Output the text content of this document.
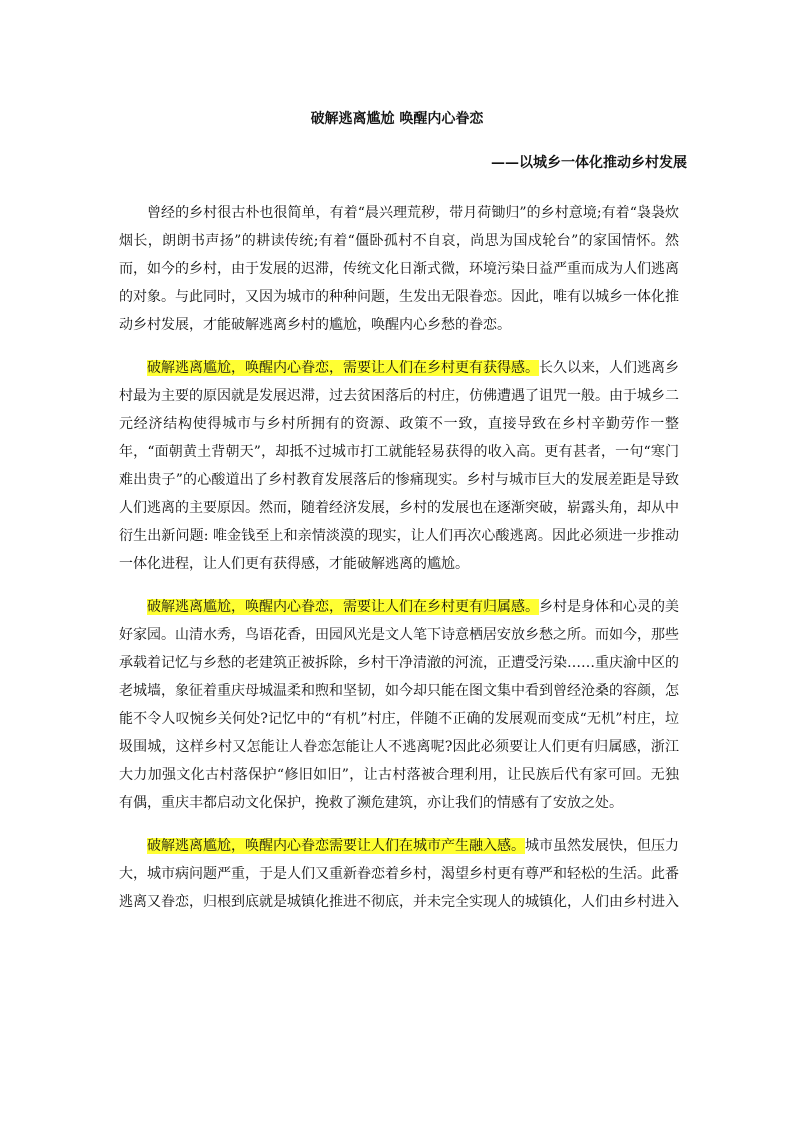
破解逃离尴尬 唤醒内心眷恋
——以城乡一体化推动乡村发展

曾经的乡村很古朴也很简单，有着“晨兴理荒秽，带月荷锄归”的乡村意境;有着“袅袅炊烟长，朗朗书声扬”的耕读传统;有着“僵卧孤村不自哀，尚思为国戍轮台”的家国情怀。然而，如今的乡村，由于发展的迟滞，传统文化日渐式微，环境污染日益严重而成为人们逃离的对象。与此同时，又因为城市的种种问题，生发出无限眷恋。因此，唯有以城乡一体化推动乡村发展，才能破解逃离乡村的尴尬，唤醒内心乡愁的眷恋。

破解逃离尴尬，唤醒内心眷恋，需要让人们在乡村更有获得感。长久以来，人们逃离乡村最为主要的原因就是发展迟滞，过去贫困落后的村庄，仿佛遭遇了诅咒一般。由于城乡二元经济结构使得城市与乡村所拥有的资源、政策不一致，直接导致在乡村辛勤劳作一整年，“面朝黄土背朝天”，却抵不过城市打工就能轻易获得的收入高。更有甚者，一句“寒门难出贵子”的心酸道出了乡村教育发展落后的惨痛现实。乡村与城市巨大的发展差距是导致人们逃离的主要原因。然而，随着经济发展，乡村的发展也在逐渐突破，崭露头角，却从中衍生出新问题: 唯金钱至上和亲情淡漠的现实，让人们再次心酸逃离。因此必须进一步推动一体化进程，让人们更有获得感，才能破解逃离的尴尬。

破解逃离尴尬，唤醒内心眷恋，需要让人们在乡村更有归属感。乡村是身体和心灵的美好家园。山清水秀，鸟语花香，田园风光是文人笔下诗意栖居安放乡愁之所。而如今，那些承载着记忆与乡愁的老建筑正被拆除，乡村干净清澈的河流，正遭受污染……重庆渝中区的老城墙，象征着重庆母城温柔和煦和坚韧，如今却只能在图文集中看到曾经沧桑的容颜，怎能不令人叹惋乡关何处?记忆中的“有机”村庄，伴随不正确的发展观而变成“无机”村庄，垃圾围城，这样乡村又怎能让人眷恋怎能让人不逃离呢?因此必须要让人们更有归属感，浙江大力加强文化古村落保护“修旧如旧”，让古村落被合理利用，让民族后代有家可回。无独有偶，重庆丰都启动文化保护，挽救了濒危建筑，亦让我们的情感有了安放之处。

破解逃离尴尬，唤醒内心眷恋需要让人们在城市产生融入感。城市虽然发展快，但压力大，城市病问题严重，于是人们又重新眷恋着乡村，渴望乡村更有尊严和轻松的生活。此番逃离又眷恋，归根到底就是城镇化推进不彻底，并未完全实现人的城镇化，人们由乡村进入
